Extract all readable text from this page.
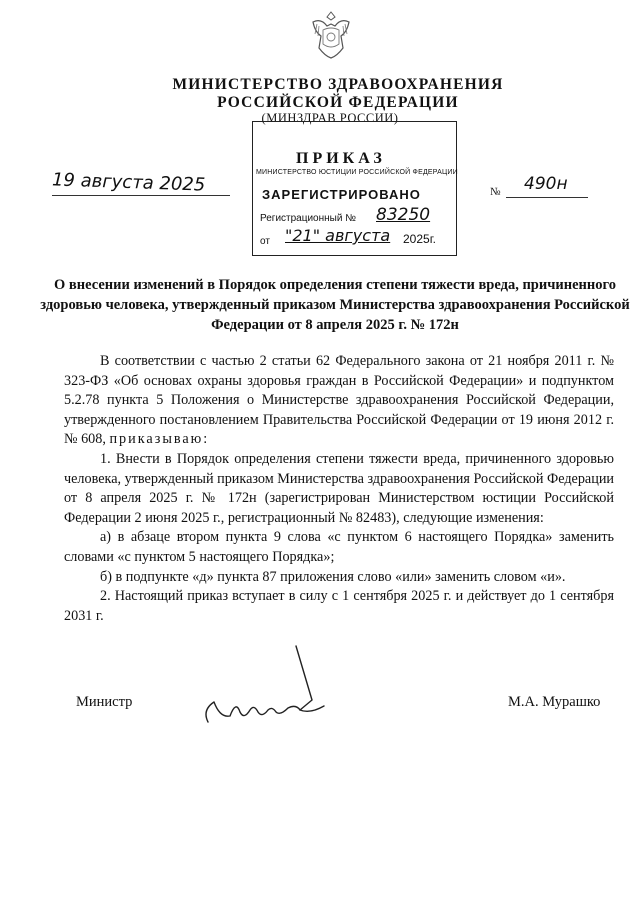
МИНИСТЕРСТВО ЗДРАВООХРАНЕНИЯ
РОССИЙСКОЙ ФЕДЕРАЦИИ
(МИНЗДРАВ РОССИИ)
ПРИКАЗ
МИНИСТЕРСТВО ЮСТИЦИИ РОССИЙСКОЙ ФЕДЕРАЦИИ
ЗАРЕГИСТРИРОВАНО
Регистрационный № 83250
от "21" августа 2025г.
19 августа 2025	№ 490н
О внесении изменений в Порядок определения степени тяжести вреда, причиненного здоровью человека, утвержденный приказом Министерства здравоохранения Российской Федерации от 8 апреля 2025 г. № 172н

В соответствии с частью 2 статьи 62 Федерального закона от 21 ноября 2011 г. № 323-ФЗ «Об основах охраны здоровья граждан в Российской Федерации» и подпунктом 5.2.78 пункта 5 Положения о Министерстве здравоохранения Российской Федерации, утвержденного постановлением Правительства Российской Федерации от 19 июня 2012 г. № 608, приказываю:

1. Внести в Порядок определения степени тяжести вреда, причиненного здоровью человека, утвержденный приказом Министерства здравоохранения Российской Федерации от 8 апреля 2025 г. № 172н (зарегистрирован Министерством юстиции Российской Федерации 2 июня 2025 г., регистрационный № 82483), следующие изменения:

а) в абзаце втором пункта 9 слова «с пунктом 6 настоящего Порядка» заменить словами «с пунктом 5 настоящего Порядка»;

б) в подпункте «д» пункта 87 приложения слово «или» заменить словом «и».

2. Настоящий приказ вступает в силу с 1 сентября 2025 г. и действует до 1 сентября 2031 г.

Министр	М.А. Мурашко
